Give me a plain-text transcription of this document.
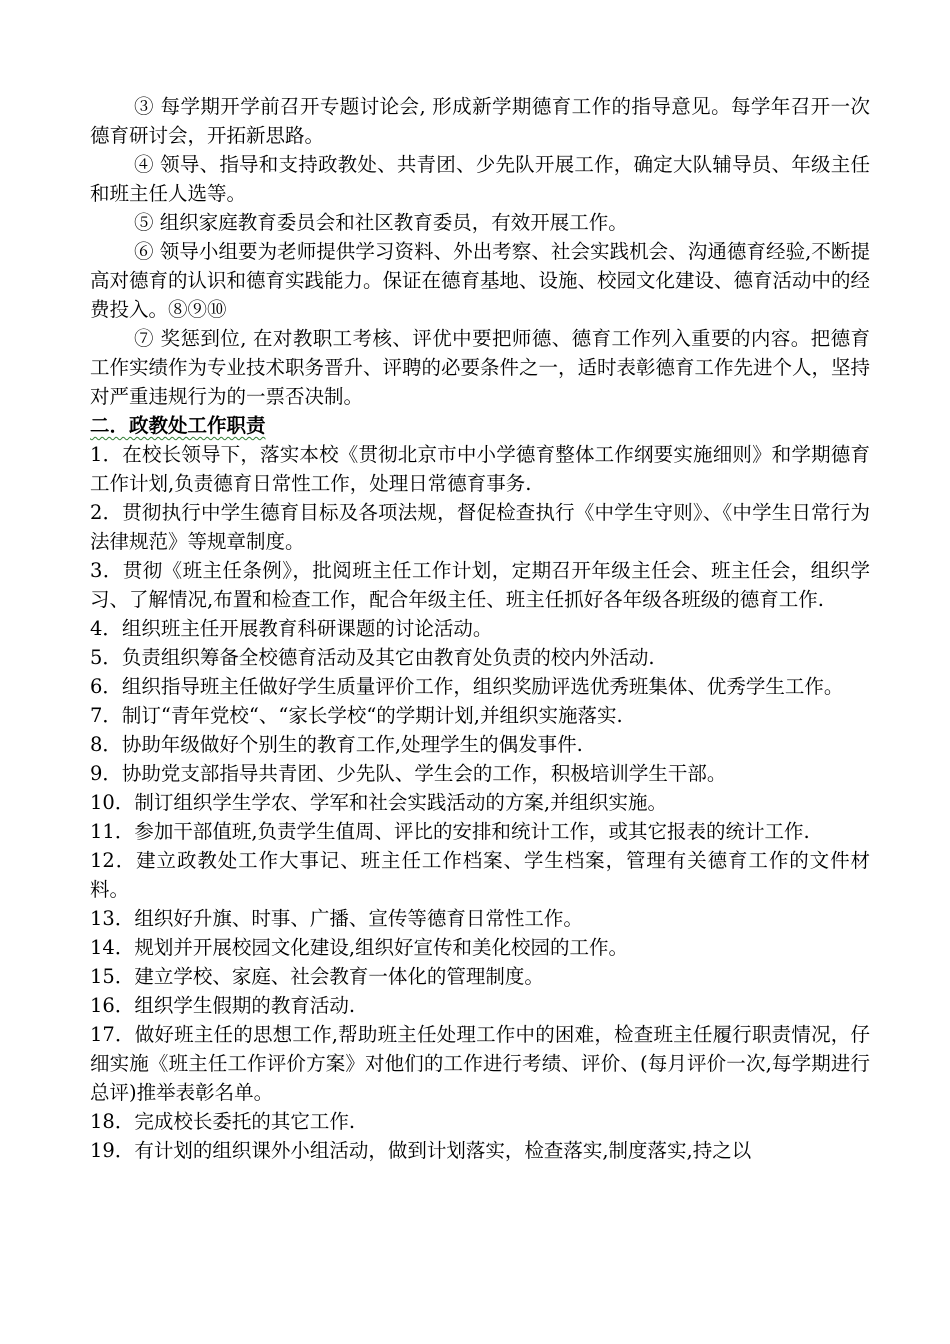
③ 每学期开学前召开专题讨论会, 形成新学期德育工作的指导意见。每学年召开一次德育研讨会，开拓新思路。

④ 领导、指导和支持政教处、共青团、少先队开展工作，确定大队辅导员、年级主任和班主任人选等。

⑤ 组织家庭教育委员会和社区教育委员，有效开展工作。

⑥ 领导小组要为老师提供学习资料、外出考察、社会实践机会、沟通德育经验,不断提高对德育的认识和德育实践能力。保证在德育基地、设施、校园文化建设、德育活动中的经费投入。⑧⑨⑩

⑦ 奖惩到位, 在对教职工考核、评优中要把师德、德育工作列入重要的内容。把德育工作实绩作为专业技术职务晋升、评聘的必要条件之一，适时表彰德育工作先进个人，坚持对严重违规行为的一票否决制。

二．政教处工作职责

1．在校长领导下，落实本校《贯彻北京市中小学德育整体工作纲要实施细则》和学期德育工作计划,负责德育日常性工作，处理日常德育事务.

2．贯彻执行中学生德育目标及各项法规，督促检查执行《中学生守则》、《中学生日常行为法律规范》等规章制度。

3．贯彻《班主任条例》，批阅班主任工作计划，定期召开年级主任会、班主任会，组织学习、了解情况,布置和检查工作，配合年级主任、班主任抓好各年级各班级的德育工作.

4．组织班主任开展教育科研课题的讨论活动。

5．负责组织筹备全校德育活动及其它由教育处负责的校内外活动.

6．组织指导班主任做好学生质量评价工作，组织奖励评选优秀班集体、优秀学生工作。

7．制订“青年党校“、“家长学校“的学期计划,并组织实施落实.

8．协助年级做好个别生的教育工作,处理学生的偶发事件.

9．协助党支部指导共青团、少先队、学生会的工作，积极培训学生干部。

10．制订组织学生学农、学军和社会实践活动的方案,并组织实施。

11．参加干部值班,负责学生值周、评比的安排和统计工作，或其它报表的统计工作.

12．建立政教处工作大事记、班主任工作档案、学生档案，管理有关德育工作的文件材料。

13．组织好升旗、时事、广播、宣传等德育日常性工作。

14．规划并开展校园文化建设,组织好宣传和美化校园的工作。

15．建立学校、家庭、社会教育一体化的管理制度。

16．组织学生假期的教育活动.

17．做好班主任的思想工作,帮助班主任处理工作中的困难，检查班主任履行职责情况，仔细实施《班主任工作评价方案》对他们的工作进行考绩、评价、(每月评价一次,每学期进行总评)推举表彰名单。

18．完成校长委托的其它工作.

19．有计划的组织课外小组活动，做到计划落实，检查落实,制度落实,持之以
